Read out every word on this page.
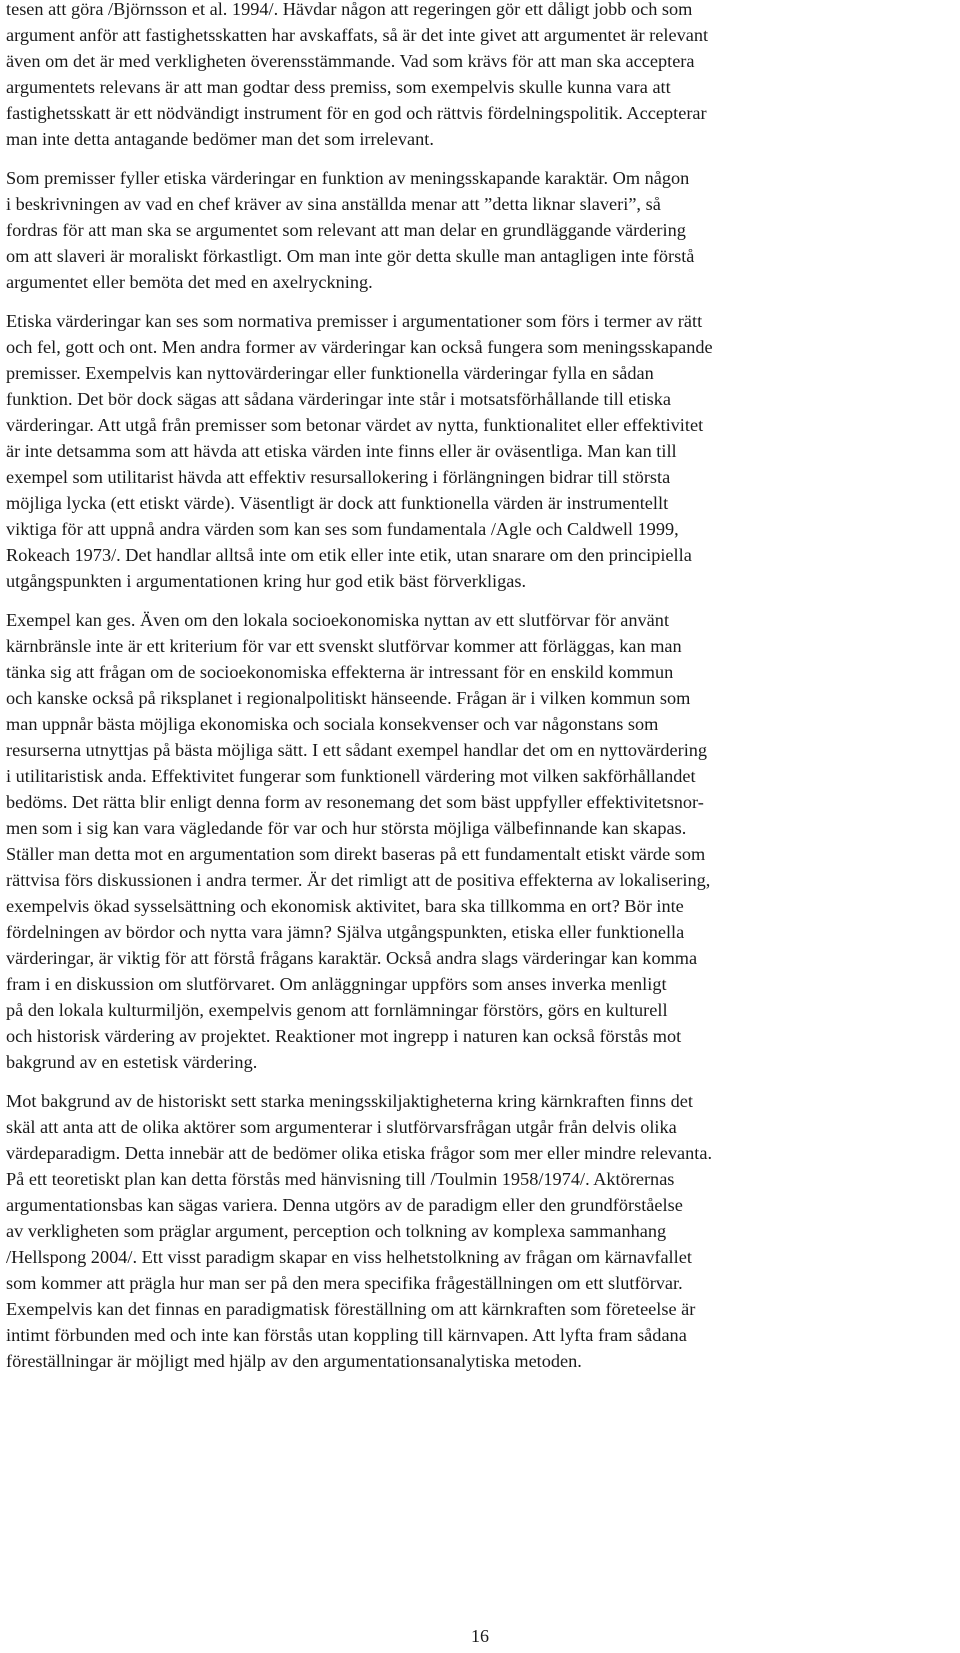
tesen att göra /Björnsson et al. 1994/. Hävdar någon att regeringen gör ett dåligt jobb och som
argument anför att fastighetsskatten har avskaffats, så är det inte givet att argumentet är relevant
även om det är med verkligheten överensstämmande. Vad som krävs för att man ska acceptera
argumentets relevans är att man godtar dess premiss, som exempelvis skulle kunna vara att
fastighetsskatt är ett nödvändigt instrument för en god och rättvis fördelningspolitik. Accepterar
man inte detta antagande bedömer man det som irrelevant.

Som premisser fyller etiska värderingar en funktion av meningsskapande karaktär. Om någon
i beskrivningen av vad en chef kräver av sina anställda menar att ”detta liknar slaveri”, så
fordras för att man ska se argumentet som relevant att man delar en grundläggande värdering
om att slaveri är moraliskt förkastligt. Om man inte gör detta skulle man antagligen inte förstå
argumentet eller bemöta det med en axelryckning.

Etiska värderingar kan ses som normativa premisser i argumentationer som förs i termer av rätt
och fel, gott och ont. Men andra former av värderingar kan också fungera som meningsskapande
premisser. Exempelvis kan nyttovärderingar eller funktionella värderingar fylla en sådan
funktion. Det bör dock sägas att sådana värderingar inte står i motsatsförhållande till etiska
värderingar. Att utgå från premisser som betonar värdet av nytta, funktionalitet eller effektivitet
är inte detsamma som att hävda att etiska värden inte finns eller är oväsentliga. Man kan till
exempel som utilitarist hävda att effektiv resursallokering i förlängningen bidrar till största
möjliga lycka (ett etiskt värde). Väsentligt är dock att funktionella värden är instrumentellt
viktiga för att uppnå andra värden som kan ses som fundamentala /Agle och Caldwell 1999,
Rokeach 1973/. Det handlar alltså inte om etik eller inte etik, utan snarare om den principiella
utgångspunkten i argumentationen kring hur god etik bäst förverkligas.

Exempel kan ges. Även om den lokala socioekonomiska nyttan av ett slutförvar för använt
kärnbränsle inte är ett kriterium för var ett svenskt slutförvar kommer att förläggas, kan man
tänka sig att frågan om de socioekonomiska effekterna är intressant för en enskild kommun
och kanske också på riksplanet i regionalpolitiskt hänseende. Frågan är i vilken kommun som
man uppnår bästa möjliga ekonomiska och sociala konsekvenser och var någonstans som
resurserna utnyttjas på bästa möjliga sätt. I ett sådant exempel handlar det om en nyttovärdering
i utilitaristisk anda. Effektivitet fungerar som funktionell värdering mot vilken sakförhållandet
bedöms. Det rätta blir enligt denna form av resonemang det som bäst uppfyller effektivitetsnor-
men som i sig kan vara vägledande för var och hur största möjliga välbefinnande kan skapas.
Ställer man detta mot en argumentation som direkt baseras på ett fundamentalt etiskt värde som
rättvisa förs diskussionen i andra termer. Är det rimligt att de positiva effekterna av lokalisering,
exempelvis ökad sysselsättning och ekonomisk aktivitet, bara ska tillkomma en ort? Bör inte
fördelningen av bördor och nytta vara jämn? Själva utgångspunkten, etiska eller funktionella
värderingar, är viktig för att förstå frågans karaktär. Också andra slags värderingar kan komma
fram i en diskussion om slutförvaret. Om anläggningar uppförs som anses inverka menligt
på den lokala kulturmiljön, exempelvis genom att fornlämningar förstörs, görs en kulturell
och historisk värdering av projektet. Reaktioner mot ingrepp i naturen kan också förstås mot
bakgrund av en estetisk värdering.

Mot bakgrund av de historiskt sett starka meningsskiljaktigheterna kring kärnkraften finns det
skäl att anta att de olika aktörer som argumenterar i slutförvarsfrågan utgår från delvis olika
värdeparadigm. Detta innebär att de bedömer olika etiska frågor som mer eller mindre relevanta.
På ett teoretiskt plan kan detta förstås med hänvisning till /Toulmin 1958/1974/. Aktörernas
argumentationsbas kan sägas variera. Denna utgörs av de paradigm eller den grundförståelse
av verkligheten som präglar argument, perception och tolkning av komplexa sammanhang
/Hellspong 2004/. Ett visst paradigm skapar en viss helhetstolkning av frågan om kärnavfallet
som kommer att prägla hur man ser på den mera specifika frågeställningen om ett slutförvar.
Exempelvis kan det finnas en paradigmatisk föreställning om att kärnkraften som företeelse är
intimt förbunden med och inte kan förstås utan koppling till kärnvapen. Att lyfta fram sådana
föreställningar är möjligt med hjälp av den argumentationsanalytiska metoden.

16
